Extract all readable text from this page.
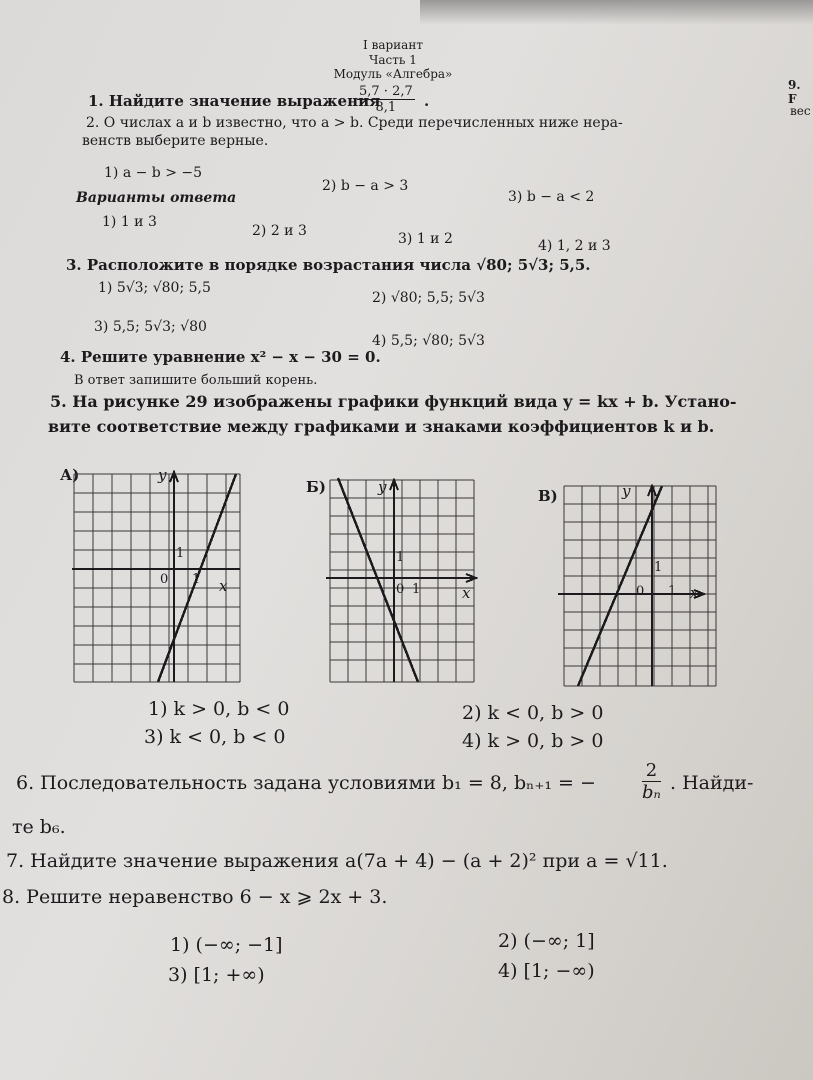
I вариант
Часть 1
Модуль «Алгебра»
9. F
вес
1. Найдите значение выражения
$\frac{5,7 \cdot 2,7}{8,1}$ .
2. О числах a и b известно, что a > b. Среди перечисленных ниже нера-
венств выберите верные.
1) a − b > −5
2) b − a > 3
3) b − a < 2
Варианты ответа
1) 1 и 3
2) 2 и 3	3) 1 и 2	4) 1, 2 и 3
3. Расположите в порядке возрастания числа √80; 5√3; 5,5.
1) 5√3; √80; 5,5
2) √80; 5,5; 5√3
3) 5,5; 5√3; √80
4) 5,5; √80; 5√3
4. Решите уравнение x² − x − 30 = 0.
В ответ запишите больший корень.
5. На рисунке 29 изображены графики функций вида y = kx + b. Устано-
вите соответствие между графиками и знаками коэффициентов k и b.
А)
Б)	В)
y
x
0
1
1
y
x
0
1
1
y
x
0
1
1
1) k > 0, b < 0	2) k < 0, b > 0
3) k < 0, b < 0	4) k > 0, b > 0
6. Последовательность задана условиями b₁ = 8, bₙ₊₁ = −	$\frac{2}{\text{bₙ}}$ . Найди-
те b₆.
7. Найдите значение выражения a(7a + 4) − (a + 2)² при a = √11.
8. Решите неравенство 6 − x ⩾ 2x + 3.
1) (−∞; −1]	2) (−∞; 1]
3) [1; +∞)	4) [1; −∞)
